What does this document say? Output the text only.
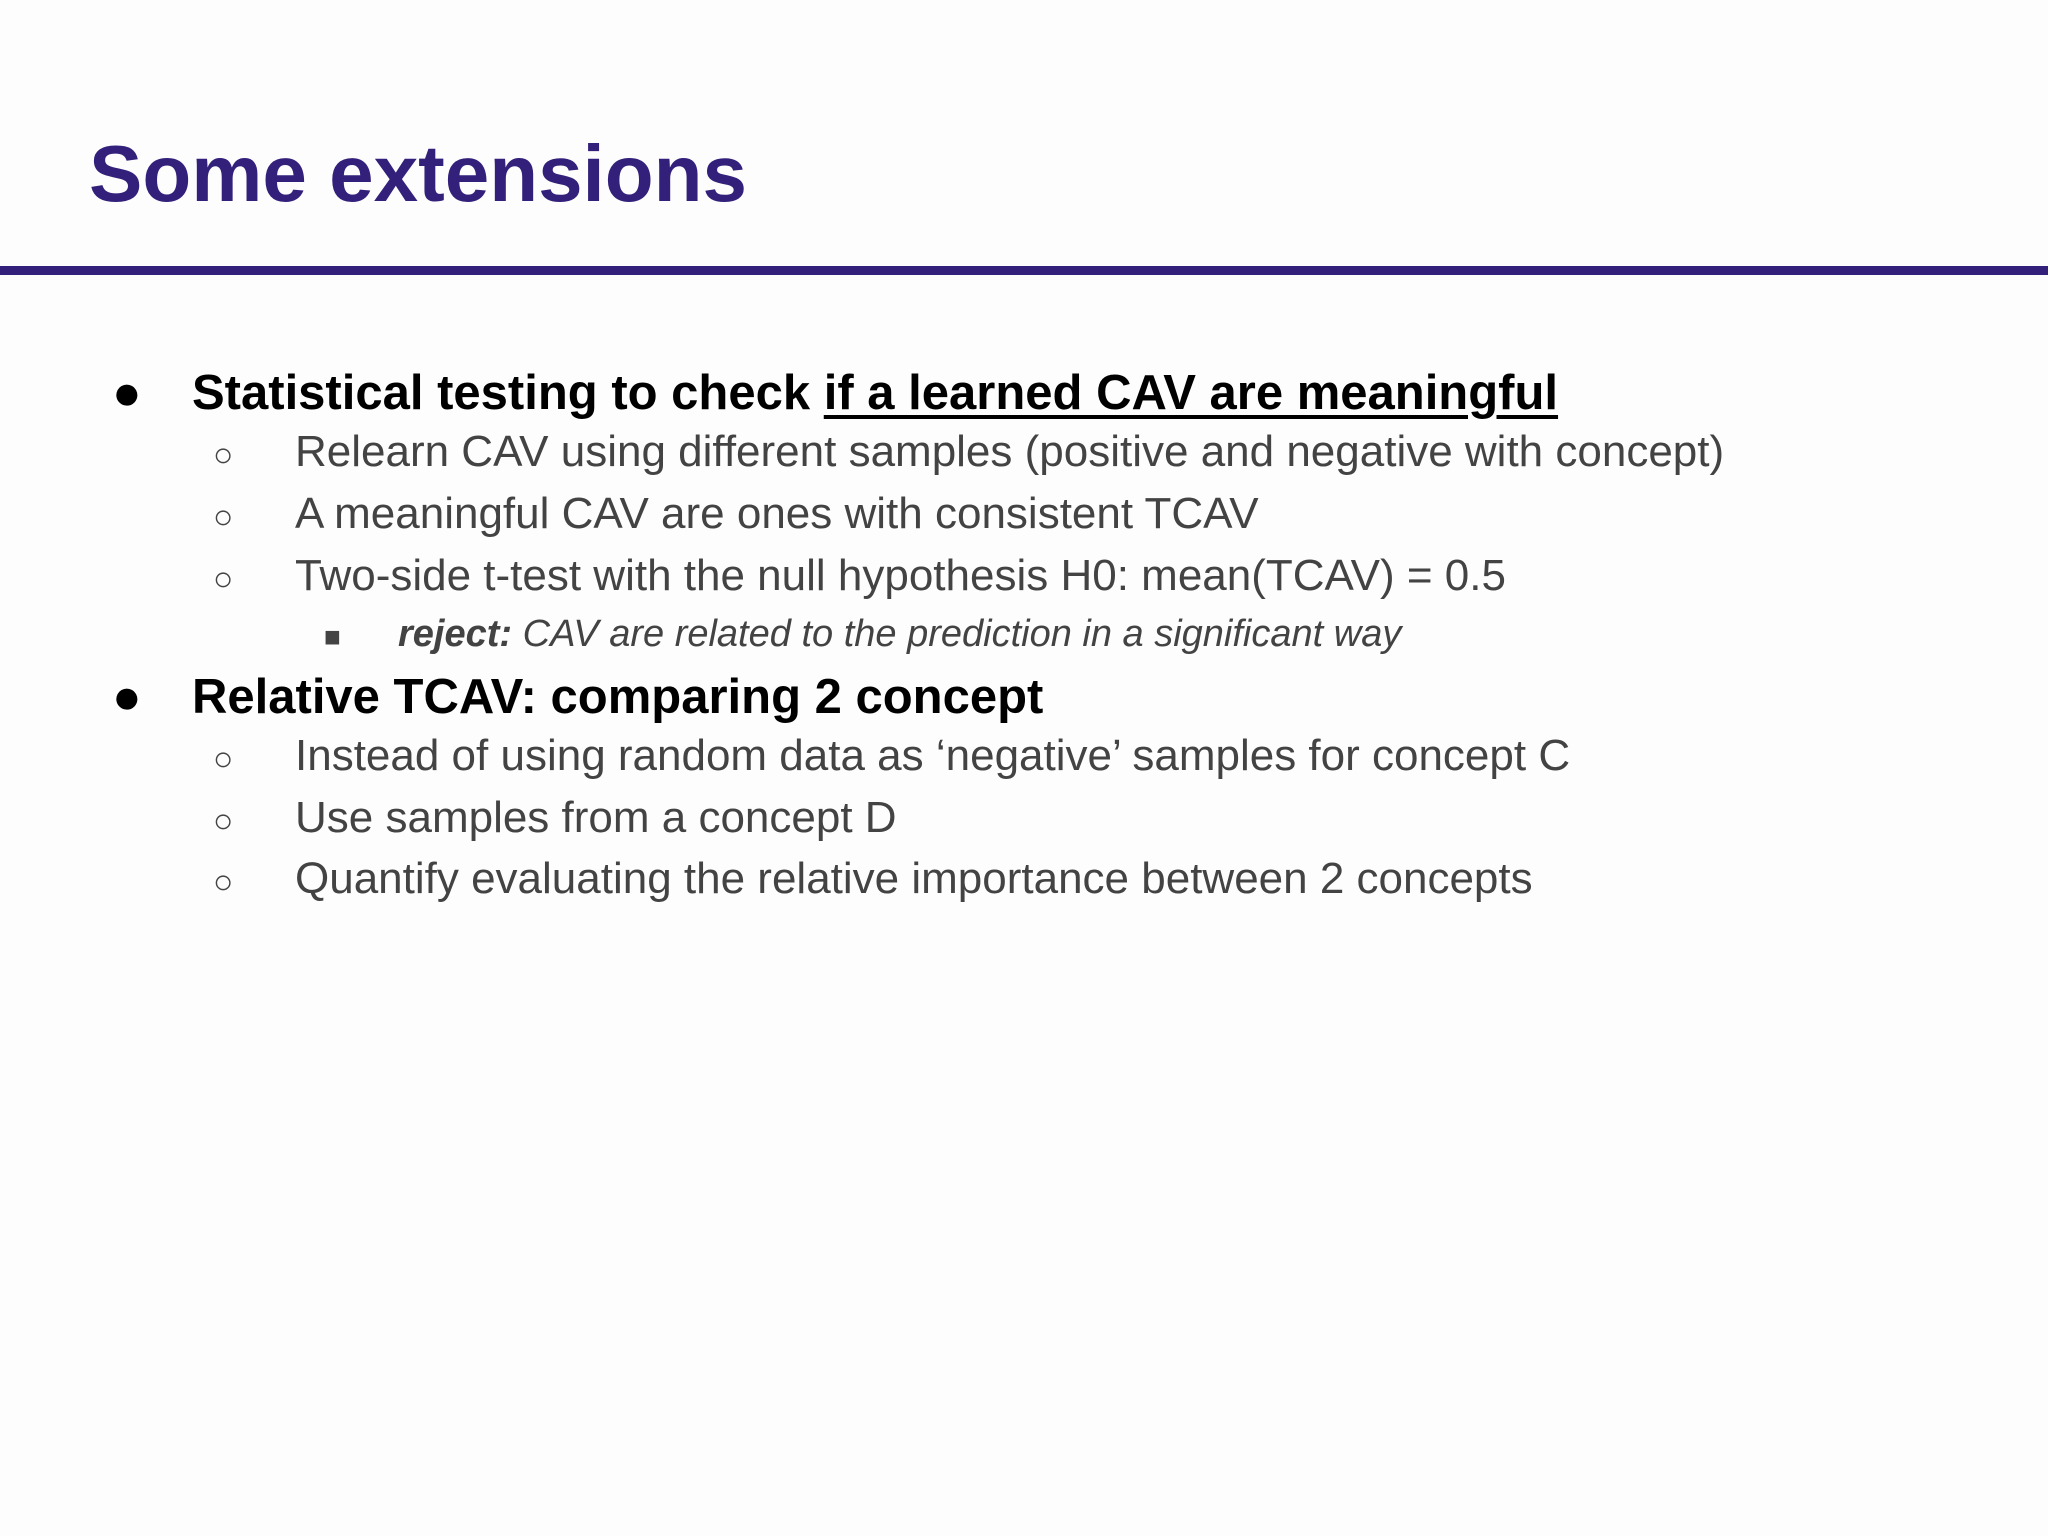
Some extensions
● Statistical testing to check if a learned CAV are meaningful
○ Relearn CAV using different samples (positive and negative with concept)
○ A meaningful CAV are ones with consistent TCAV
○ Two-side t-test with the null hypothesis H0: mean(TCAV) = 0.5
■ reject: CAV are related to the prediction in a significant way
● Relative TCAV: comparing 2 concept
○ Instead of using random data as ‘negative’ samples for concept C
○ Use samples from a concept D
○ Quantify evaluating the relative importance between 2 concepts
